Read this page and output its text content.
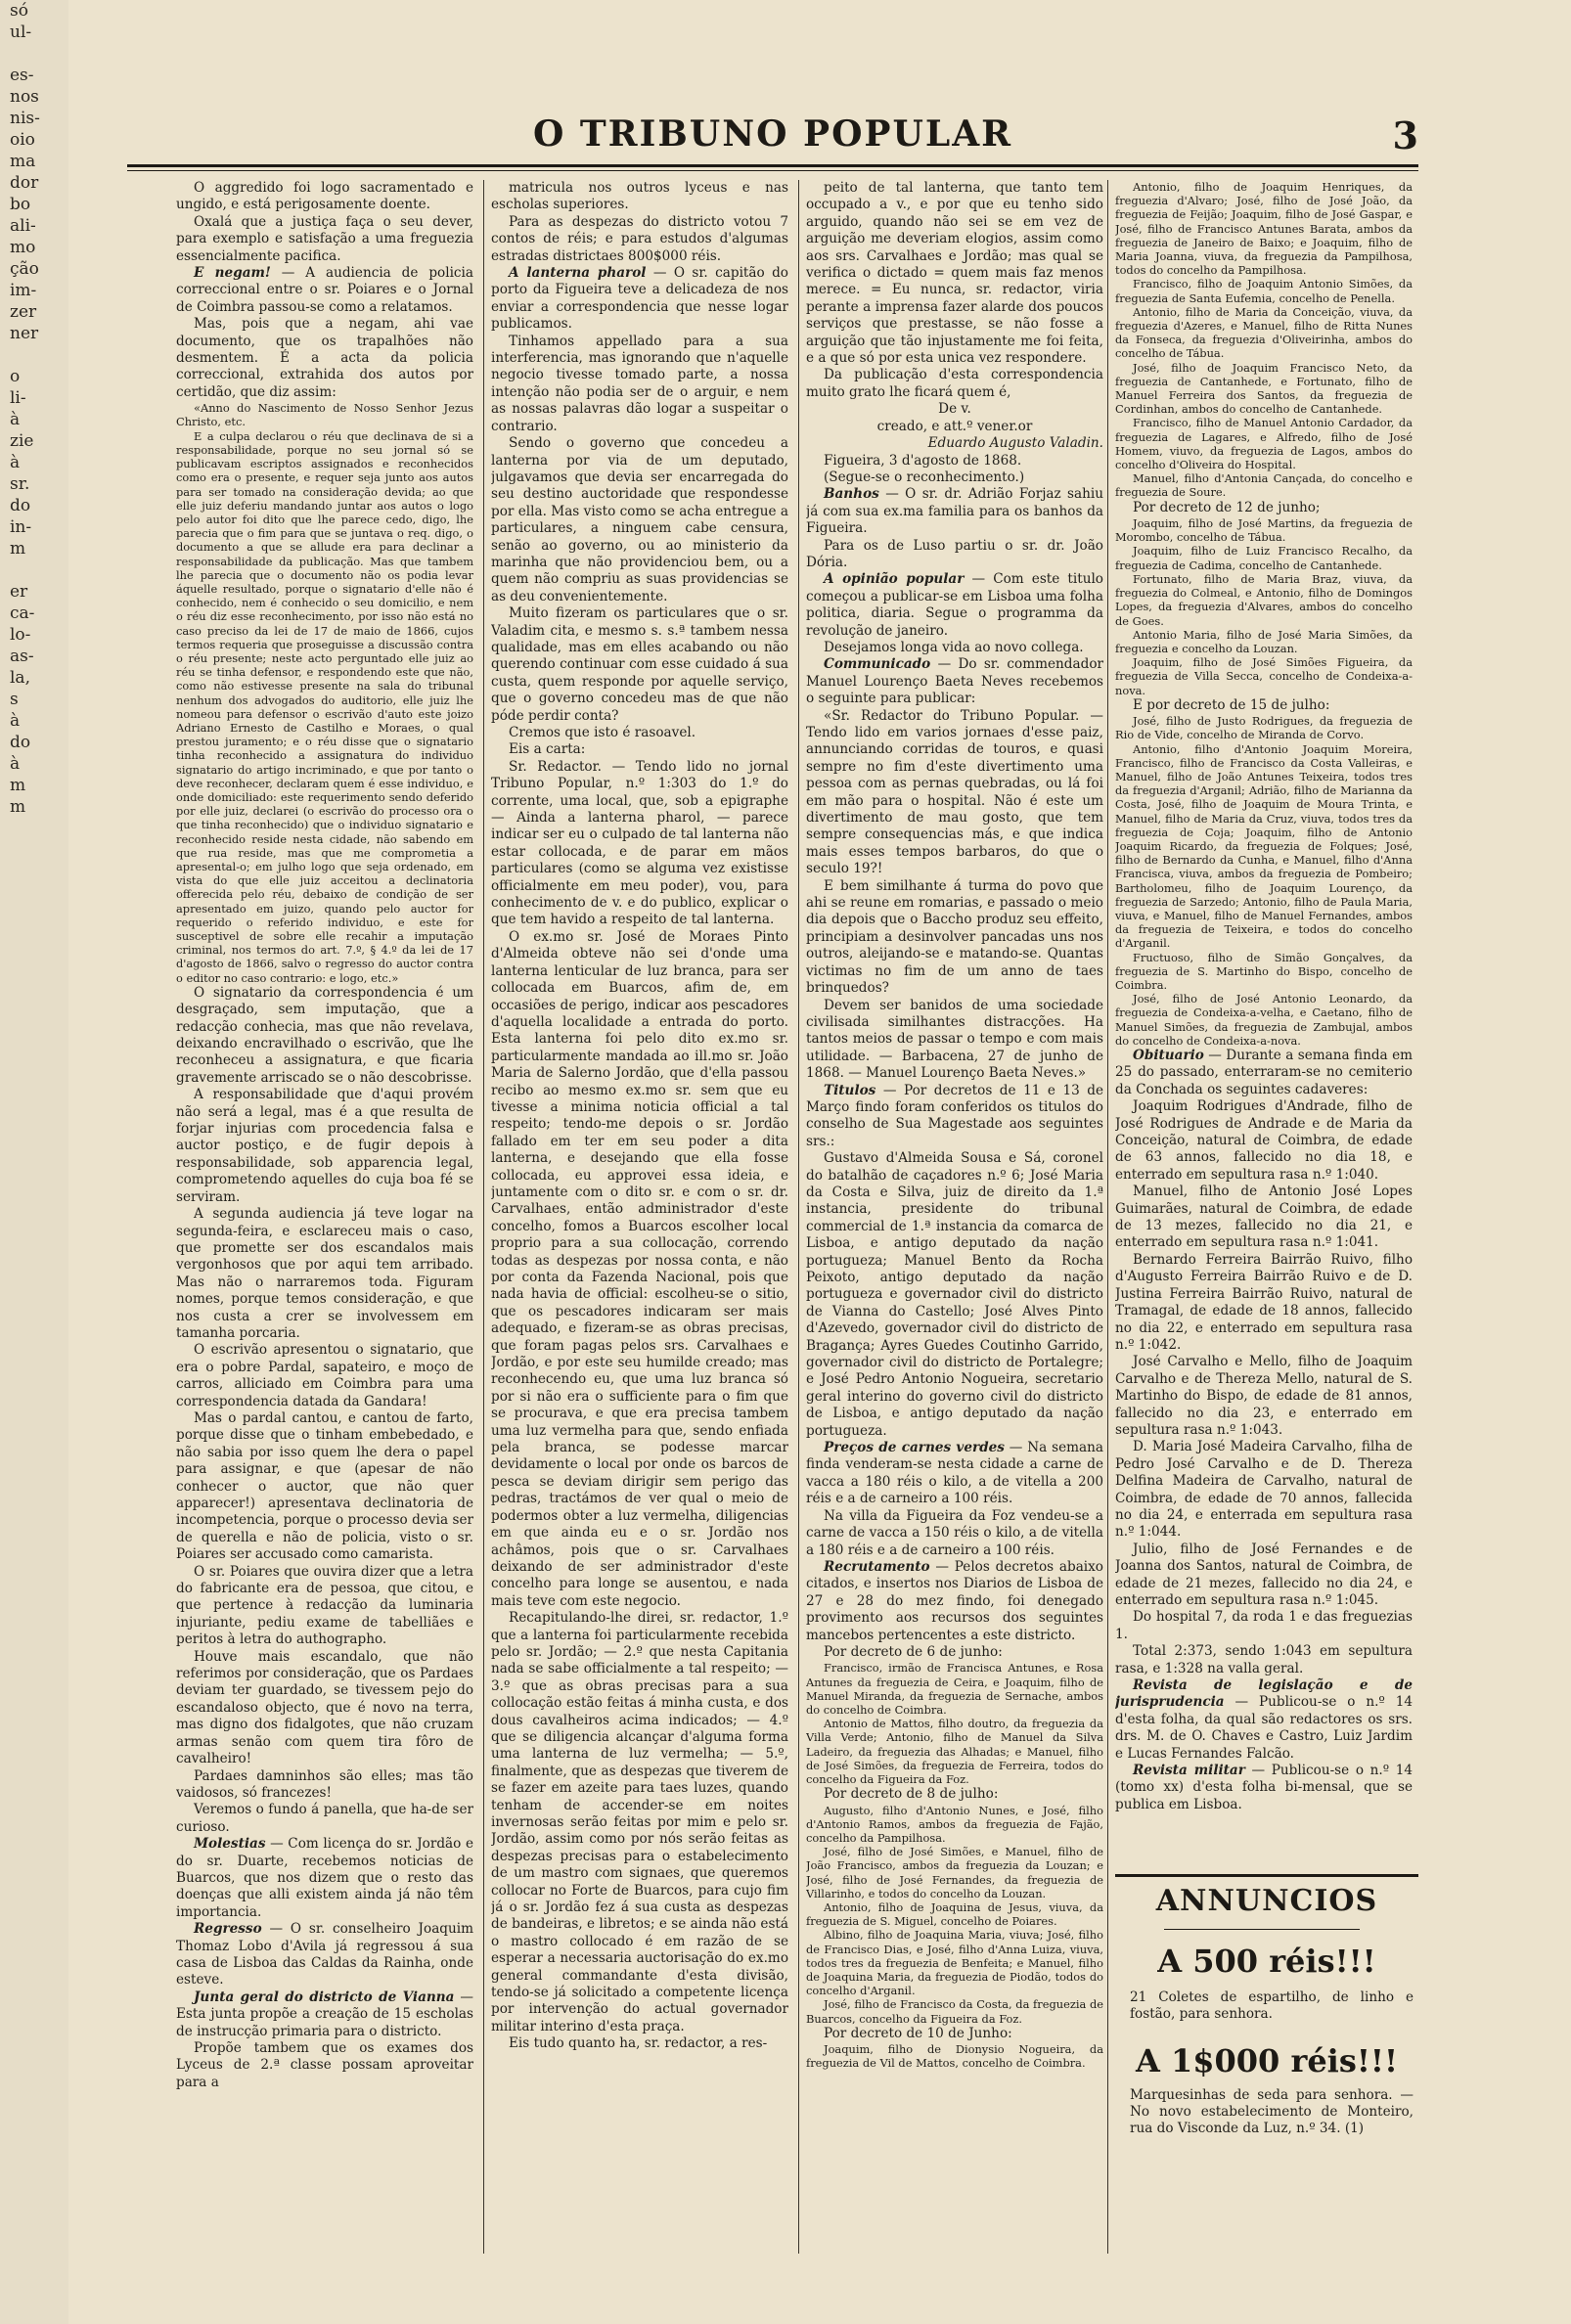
só
ul-

es-
nos
nis-
oio
ma
dor
bo
ali-
mo
ção
im-
zer
ner

o
li-
à
zie
à
sr.
do
in-
m

er
ca-
lo-
as-
la,
s
à
do
à
m
m
O TRIBUNO POPULAR	3

O aggredido foi logo sacramentado e ungido, e está perigosamente doente.

Oxalá que a justiça faça o seu dever, para exemplo e satisfação a uma freguezia essencialmente pacifica.

E negam! — A audiencia de policia correccional entre o sr. Poiares e o Jornal de Coimbra passou-se como a relatamos.

Mas, pois que a negam, ahi vae documento, que os trapalhões não desmentem. É a acta da policia correccional, extrahida dos autos por certidão, que diz assim:

«Anno do Nascimento de Nosso Senhor Jezus Christo, etc.

E a culpa declarou o réu que declinava de si a responsabilidade, porque no seu jornal só se publicavam escriptos assignados e reconhecidos como era o presente, e requer seja junto aos autos para ser tomado na consideração devida; ao que elle juiz deferiu mandando juntar aos autos o logo pelo autor foi dito que lhe parece cedo, digo, lhe parecia que o fim para que se juntava o req. digo, o documento a que se allude era para declinar a responsabilidade da publicação. Mas que tambem lhe parecia que o documento não os podia levar áquelle resultado, porque o signatario d'elle não é conhecido, nem é conhecido o seu domicilio, e nem o réu diz esse reconhecimento, por isso não está no caso preciso da lei de 17 de maio de 1866, cujos termos requeria que proseguisse a discussão contra o réu presente; neste acto perguntado elle juiz ao réu se tinha defensor, e respondendo este que não, como não estivesse presente na sala do tribunal nenhum dos advogados do auditorio, elle juiz lhe nomeou para defensor o escrivão d'auto este joizo Adriano Ernesto de Castilho e Moraes, o qual prestou juramento; e o réu disse que o signatario tinha reconhecido a assignatura do individuo signatario do artigo incriminado, e que por tanto o deve reconhecer, declaram quem é esse individuo, e onde domiciliado: este requerimento sendo deferido por elle juiz, declarei (o escrivão do processo ora o que tinha reconhecido) que o individuo signatario e reconhecido reside nesta cidade, não sabendo em que rua reside, mas que me comprometia a apresental-o; em julho logo que seja ordenado, em vista do que elle juiz acceitou a declinatoria offerecida pelo réu, debaixo de condição de ser apresentado em juizo, quando pelo auctor for requerido o referido individuo, e este for susceptivel de sobre elle recahir a imputação criminal, nos termos do art. 7.º, § 4.º da lei de 17 d'agosto de 1866, salvo o regresso do auctor contra o editor no caso contrario: e logo, etc.»

O signatario da correspondencia é um desgraçado, sem imputação, que a redacção conhecia, mas que não revelava, deixando encravilhado o escrivão, que lhe reconheceu a assignatura, e que ficaria gravemente arriscado se o não descobrisse.

A responsabilidade que d'aqui provém não será a legal, mas é a que resulta de forjar injurias com procedencia falsa e auctor postiço, e de fugir depois à responsabilidade, sob apparencia legal, comprometendo aquelles do cuja boa fé se serviram.

A segunda audiencia já teve logar na segunda-feira, e esclareceu mais o caso, que promette ser dos escandalos mais vergonhosos que por aqui tem arribado. Mas não o narraremos toda. Figuram nomes, porque temos consideração, e que nos custa a crer se involvessem em tamanha porcaria.

O escrivão apresentou o signatario, que era o pobre Pardal, sapateiro, e moço de carros, alliciado em Coimbra para uma correspondencia datada da Gandara!

Mas o pardal cantou, e cantou de farto, porque disse que o tinham embebedado, e não sabia por isso quem lhe dera o papel para assignar, e que (apesar de não conhecer o auctor, que não quer apparecer!) apresentava declinatoria de incompetencia, porque o processo devia ser de querella e não de policia, visto o sr. Poiares ser accusado como camarista.

O sr. Poiares que ouvira dizer que a letra do fabricante era de pessoa, que citou, e que pertence à redacção da luminaria injuriante, pediu exame de tabelliães e peritos à letra do authographo.

Houve mais escandalo, que não referimos por consideração, que os Pardaes deviam ter guardado, se tivessem pejo do escandaloso objecto, que é novo na terra, mas digno dos fidalgotes, que não cruzam armas senão com quem tira fôro de cavalheiro!

Pardaes damninhos são elles; mas tão vaidosos, só francezes!

Veremos o fundo á panella, que ha-de ser curioso.

Molestias — Com licença do sr. Jordão e do sr. Duarte, recebemos noticias de Buarcos, que nos dizem que o resto das doenças que alli existem ainda já não têm importancia.

Regresso — O sr. conselheiro Joaquim Thomaz Lobo d'Avila já regressou á sua casa de Lisboa das Caldas da Rainha, onde esteve.

Junta geral do districto de Vianna — Esta junta propõe a creação de 15 escholas de instrucção primaria para o districto.

Propõe tambem que os exames dos Lyceus de 2.ª classe possam aproveitar para a

matricula nos outros lyceus e nas escholas superiores.

Para as despezas do districto votou 7 contos de réis; e para estudos d'algumas estradas districtaes 800$000 réis.

A lanterna pharol — O sr. capitão do porto da Figueira teve a delicadeza de nos enviar a correspondencia que nesse logar publicamos.

Tinhamos appellado para a sua interferencia, mas ignorando que n'aquelle negocio tivesse tomado parte, a nossa intenção não podia ser de o arguir, e nem as nossas palavras dão logar a suspeitar o contrario.

Sendo o governo que concedeu a lanterna por via de um deputado, julgavamos que devia ser encarregada do seu destino auctoridade que respondesse por ella. Mas visto como se acha entregue a particulares, a ninguem cabe censura, senão ao governo, ou ao ministerio da marinha que não providenciou bem, ou a quem não compriu as suas providencias se as deu convenientemente.

Muito fizeram os particulares que o sr. Valadim cita, e mesmo s. s.ª tambem nessa qualidade, mas em elles acabando ou não querendo continuar com esse cuidado á sua custa, quem responde por aquelle serviço, que o governo concedeu mas de que não póde perdir conta?

Cremos que isto é rasoavel.

Eis a carta:

Sr. Redactor. — Tendo lido no jornal Tribuno Popular, n.º 1:303 do 1.º do corrente, uma local, que, sob a epigraphe — Ainda a lanterna pharol, — parece indicar ser eu o culpado de tal lanterna não estar collocada, e de parar em mãos particulares (como se alguma vez existisse officialmente em meu poder), vou, para conhecimento de v. e do publico, explicar o que tem havido a respeito de tal lanterna.

O ex.mo sr. José de Moraes Pinto d'Almeida obteve não sei d'onde uma lanterna lenticular de luz branca, para ser collocada em Buarcos, afim de, em occasiões de perigo, indicar aos pescadores d'aquella localidade a entrada do porto. Esta lanterna foi pelo dito ex.mo sr. particularmente mandada ao ill.mo sr. João Maria de Salerno Jordão, que d'ella passou recibo ao mesmo ex.mo sr. sem que eu tivesse a minima noticia official a tal respeito; tendo-me depois o sr. Jordão fallado em ter em seu poder a dita lanterna, e desejando que ella fosse collocada, eu approvei essa ideia, e juntamente com o dito sr. e com o sr. dr. Carvalhaes, então administrador d'este concelho, fomos a Buarcos escolher local proprio para a sua collocação, correndo todas as despezas por nossa conta, e não por conta da Fazenda Nacional, pois que nada havia de official: escolheu-se o sitio, que os pescadores indicaram ser mais adequado, e fizeram-se as obras precisas, que foram pagas pelos srs. Carvalhaes e Jordão, e por este seu humilde creado; mas reconhecendo eu, que uma luz branca só por si não era o sufficiente para o fim que se procurava, e que era precisa tambem uma luz vermelha para que, sendo enfiada pela branca, se podesse marcar devidamente o local por onde os barcos de pesca se deviam dirigir sem perigo das pedras, tractámos de ver qual o meio de podermos obter a luz vermelha, diligencias em que ainda eu e o sr. Jordão nos achâmos, pois que o sr. Carvalhaes deixando de ser administrador d'este concelho para longe se ausentou, e nada mais teve com este negocio.

Recapitulando-lhe direi, sr. redactor, 1.º que a lanterna foi particularmente recebida pelo sr. Jordão; — 2.º que nesta Capitania nada se sabe officialmente a tal respeito; — 3.º que as obras precisas para a sua collocação estão feitas á minha custa, e dos dous cavalheiros acima indicados; — 4.º que se diligencia alcançar d'alguma forma uma lanterna de luz vermelha; — 5.º, finalmente, que as despezas que tiverem de se fazer em azeite para taes luzes, quando tenham de accender-se em noites invernosas serão feitas por mim e pelo sr. Jordão, assim como por nós serão feitas as despezas precisas para o estabelecimento de um mastro com signaes, que queremos collocar no Forte de Buarcos, para cujo fim já o sr. Jordão fez á sua custa as despezas de bandeiras, e libretos; e se ainda não está o mastro collocado é em razão de se esperar a necessaria auctorisação do ex.mo general commandante d'esta divisão, tendo-se já solicitado a competente licença por intervenção do actual governador militar interino d'esta praça.

Eis tudo quanto ha, sr. redactor, a res-

peito de tal lanterna, que tanto tem occupado a v., e por que eu tenho sido arguido, quando não sei se em vez de arguição me deveriam elogios, assim como aos srs. Carvalhaes e Jordão; mas qual se verifica o dictado = quem mais faz menos merece. = Eu nunca, sr. redactor, viria perante a imprensa fazer alarde dos poucos serviços que prestasse, se não fosse a arguição que tão injustamente me foi feita, e a que só por esta unica vez respondere.

Da publicação d'esta correspondencia muito grato lhe ficará quem é,

De v.

creado, e att.º vener.or

Eduardo Augusto Valadin.

Figueira, 3 d'agosto de 1868.

(Segue-se o reconhecimento.)

Banhos — O sr. dr. Adrião Forjaz sahiu já com sua ex.ma familia para os banhos da Figueira.

Para os de Luso partiu o sr. dr. João Dória.

A opinião popular — Com este titulo começou a publicar-se em Lisboa uma folha politica, diaria. Segue o programma da revolução de janeiro.

Desejamos longa vida ao novo collega.

Communicado — Do sr. commendador Manuel Lourenço Baeta Neves recebemos o seguinte para publicar:

«Sr. Redactor do Tribuno Popular. — Tendo lido em varios jornaes d'esse paiz, annunciando corridas de touros, e quasi sempre no fim d'este divertimento uma pessoa com as pernas quebradas, ou lá foi em mão para o hospital. Não é este um divertimento de mau gosto, que tem sempre consequencias más, e que indica mais esses tempos barbaros, do que o seculo 19?!

E bem similhante á turma do povo que ahi se reune em romarias, e passado o meio dia depois que o Baccho produz seu effeito, principiam a desinvolver pancadas uns nos outros, aleijando-se e matando-se. Quantas victimas no fim de um anno de taes brinquedos?

Devem ser banidos de uma sociedade civilisada similhantes distracções. Ha tantos meios de passar o tempo e com mais utilidade. — Barbacena, 27 de junho de 1868. — Manuel Lourenço Baeta Neves.»

Titulos — Por decretos de 11 e 13 de Março findo foram conferidos os titulos do conselho de Sua Magestade aos seguintes srs.:

Gustavo d'Almeida Sousa e Sá, coronel do batalhão de caçadores n.º 6; José Maria da Costa e Silva, juiz de direito da 1.ª instancia, presidente do tribunal commercial de 1.ª instancia da comarca de Lisboa, e antigo deputado da nação portugueza; Manuel Bento da Rocha Peixoto, antigo deputado da nação portugueza e governador civil do districto de Vianna do Castello; José Alves Pinto d'Azevedo, governador civil do districto de Bragança; Ayres Guedes Coutinho Garrido, governador civil do districto de Portalegre; e José Pedro Antonio Nogueira, secretario geral interino do governo civil do districto de Lisboa, e antigo deputado da nação portugueza.

Preços de carnes verdes — Na semana finda venderam-se nesta cidade a carne de vacca a 180 réis o kilo, a de vitella a 200 réis e a de carneiro a 100 réis.

Na villa da Figueira da Foz vendeu-se a carne de vacca a 150 réis o kilo, a de vitella a 180 réis e a de carneiro a 100 réis.

Recrutamento — Pelos decretos abaixo citados, e insertos nos Diarios de Lisboa de 27 e 28 do mez findo, foi denegado provimento aos recursos dos seguintes mancebos pertencentes a este districto.

Por decreto de 6 de junho:

Francisco, irmão de Francisca Antunes, e Rosa Antunes da freguezia de Ceira, e Joaquim, filho de Manuel Miranda, da freguezia de Sernache, ambos do concelho de Coimbra.

Antonio de Mattos, filho doutro, da freguezia da Villa Verde; Antonio, filho de Manuel da Silva Ladeiro, da freguezia das Alhadas; e Manuel, filho de José Simões, da freguezia de Ferreira, todos do concelho da Figueira da Foz.

Por decreto de 8 de julho:

Augusto, filho d'Antonio Nunes, e José, filho d'Antonio Ramos, ambos da freguezia de Fajão, concelho da Pampilhosa.

José, filho de José Simões, e Manuel, filho de João Francisco, ambos da freguezia da Louzan; e José, filho de José Fernandes, da freguezia de Villarinho, e todos do concelho da Louzan.

Antonio, filho de Joaquina de Jesus, viuva, da freguezia de S. Miguel, concelho de Poiares.

Albino, filho de Joaquina Maria, viuva; José, filho de Francisco Dias, e José, filho d'Anna Luiza, viuva, todos tres da freguezia de Benfeita; e Manuel, filho de Joaquina Maria, da freguezia de Piodão, todos do concelho d'Arganil.

José, filho de Francisco da Costa, da freguezia de Buarcos, concelho da Figueira da Foz.

Por decreto de 10 de Junho:

Joaquim, filho de Dionysio Nogueira, da freguezia de Vil de Mattos, concelho de Coimbra.

Antonio, filho de Joaquim Henriques, da freguezia d'Alvaro; José, filho de José João, da freguezia de Feijão; Joaquim, filho de José Gaspar, e José, filho de Francisco Antunes Barata, ambos da freguezia de Janeiro de Baixo; e Joaquim, filho de Maria Joanna, viuva, da freguezia da Pampilhosa, todos do concelho da Pampilhosa.

Francisco, filho de Joaquim Antonio Simões, da freguezia de Santa Eufemia, concelho de Penella.

Antonio, filho de Maria da Conceição, viuva, da freguezia d'Azeres, e Manuel, filho de Ritta Nunes da Fonseca, da freguezia d'Oliveirinha, ambos do concelho de Tábua.

José, filho de Joaquim Francisco Neto, da freguezia de Cantanhede, e Fortunato, filho de Manuel Ferreira dos Santos, da freguezia de Cordinhan, ambos do concelho de Cantanhede.

Francisco, filho de Manuel Antonio Cardador, da freguezia de Lagares, e Alfredo, filho de José Homem, viuvo, da freguezia de Lagos, ambos do concelho d'Oliveira do Hospital.

Manuel, filho d'Antonia Cançada, do concelho e freguezia de Soure.

Por decreto de 12 de junho;

Joaquim, filho de José Martins, da freguezia de Morombo, concelho de Tábua.

Joaquim, filho de Luiz Francisco Recalho, da freguezia de Cadima, concelho de Cantanhede.

Fortunato, filho de Maria Braz, viuva, da freguezia do Colmeal, e Antonio, filho de Domingos Lopes, da freguezia d'Alvares, ambos do concelho de Goes.

Antonio Maria, filho de José Maria Simões, da freguezia e concelho da Louzan.

Joaquim, filho de José Simões Figueira, da freguezia de Villa Secca, concelho de Condeixa-a-nova.

E por decreto de 15 de julho:

José, filho de Justo Rodrigues, da freguezia de Rio de Vide, concelho de Miranda de Corvo.

Antonio, filho d'Antonio Joaquim Moreira, Francisco, filho de Francisco da Costa Valleiras, e Manuel, filho de João Antunes Teixeira, todos tres da freguezia d'Arganil; Adrião, filho de Marianna da Costa, José, filho de Joaquim de Moura Trinta, e Manuel, filho de Maria da Cruz, viuva, todos tres da freguezia de Coja; Joaquim, filho de Antonio Joaquim Ricardo, da freguezia de Folques; José, filho de Bernardo da Cunha, e Manuel, filho d'Anna Francisca, viuva, ambos da freguezia de Pombeiro; Bartholomeu, filho de Joaquim Lourenço, da freguezia de Sarzedo; Antonio, filho de Paula Maria, viuva, e Manuel, filho de Manuel Fernandes, ambos da freguezia de Teixeira, e todos do concelho d'Arganil.

Fructuoso, filho de Simão Gonçalves, da freguezia de S. Martinho do Bispo, concelho de Coimbra.

José, filho de José Antonio Leonardo, da freguezia de Condeixa-a-velha, e Caetano, filho de Manuel Simões, da freguezia de Zambujal, ambos do concelho de Condeixa-a-nova.

Obituario — Durante a semana finda em 25 do passado, enterraram-se no cemiterio da Conchada os seguintes cadaveres:

Joaquim Rodrigues d'Andrade, filho de José Rodrigues de Andrade e de Maria da Conceição, natural de Coimbra, de edade de 63 annos, fallecido no dia 18, e enterrado em sepultura rasa n.º 1:040.

Manuel, filho de Antonio José Lopes Guimarães, natural de Coimbra, de edade de 13 mezes, fallecido no dia 21, e enterrado em sepultura rasa n.º 1:041.

Bernardo Ferreira Bairrão Ruivo, filho d'Augusto Ferreira Bairrão Ruivo e de D. Justina Ferreira Bairrão Ruivo, natural de Tramagal, de edade de 18 annos, fallecido no dia 22, e enterrado em sepultura rasa n.º 1:042.

José Carvalho e Mello, filho de Joaquim Carvalho e de Thereza Mello, natural de S. Martinho do Bispo, de edade de 81 annos, fallecido no dia 23, e enterrado em sepultura rasa n.º 1:043.

D. Maria José Madeira Carvalho, filha de Pedro José Carvalho e de D. Thereza Delfina Madeira de Carvalho, natural de Coimbra, de edade de 70 annos, fallecida no dia 24, e enterrada em sepultura rasa n.º 1:044.

Julio, filho de José Fernandes e de Joanna dos Santos, natural de Coimbra, de edade de 21 mezes, fallecido no dia 24, e enterrado em sepultura rasa n.º 1:045.

Do hospital 7, da roda 1 e das freguezias 1.

Total 2:373, sendo 1:043 em sepultura rasa, e 1:328 na valla geral.

Revista de legislação e de jurisprudencia — Publicou-se o n.º 14 d'esta folha, da qual são redactores os srs. drs. M. de O. Chaves e Castro, Luiz Jardim e Lucas Fernandes Falcão.

Revista militar — Publicou-se o n.º 14 (tomo xx) d'esta folha bi-mensal, que se publica em Lisboa.

ANNUNCIOS
A 500 réis!!!
21 Coletes de espartilho, de linho e fostão, para senhora.
A 1$000 réis!!!
Marquesinhas de seda para senhora. — No novo estabelecimento de Monteiro, rua do Visconde da Luz, n.º 34. (1)
